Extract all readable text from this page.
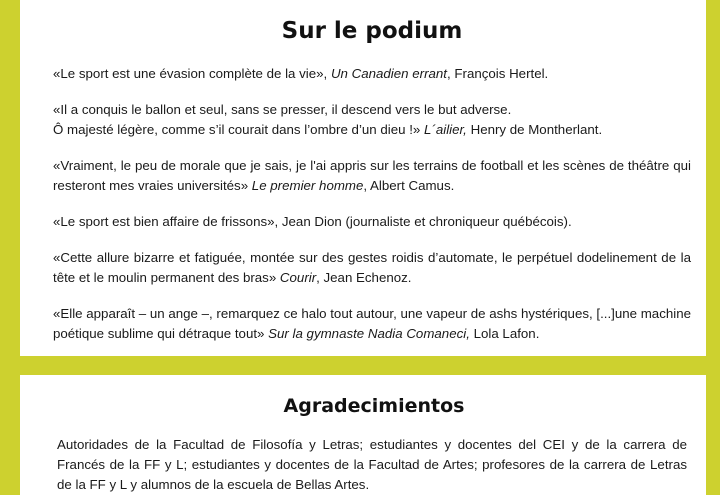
Sur le podium

«Le sport est une évasion complète de la vie», Un Canadien errant, François Hertel.

«Il a conquis le ballon et seul, sans se presser, il descend vers le but adverse.
Ô majesté légère, comme s’il courait dans l’ombre d’un dieu !» L´ailier, Henry de Montherlant.

«Vraiment, le peu de morale que je sais, je l'ai appris sur les terrains de football et les scènes de théâtre qui resteront mes vraies universités» Le premier homme, Albert Camus.

«Le sport est bien affaire de frissons», Jean Dion (journaliste et chroniqueur québécois).

«Cette allure bizarre et fatiguée, montée sur des gestes roidis d’automate, le perpétuel dodelinement de la tête et le moulin permanent des bras» Courir, Jean Echenoz.

«Elle apparaît – un ange –, remarquez ce halo tout autour, une vapeur de ashs hystériques, [...]une machine poétique sublime qui détraque tout» Sur la gymnaste Nadia Comaneci, Lola Lafon.

Agradecimientos

Autoridades de la Facultad de Filosofía y Letras; estudiantes y docentes del CEI y de la carrera de Francés de la FF y L; estudiantes y docentes de la Facultad de Artes; profesores de la carrera de Letras de la FF y L y alumnos de la escuela de Bellas Artes.
